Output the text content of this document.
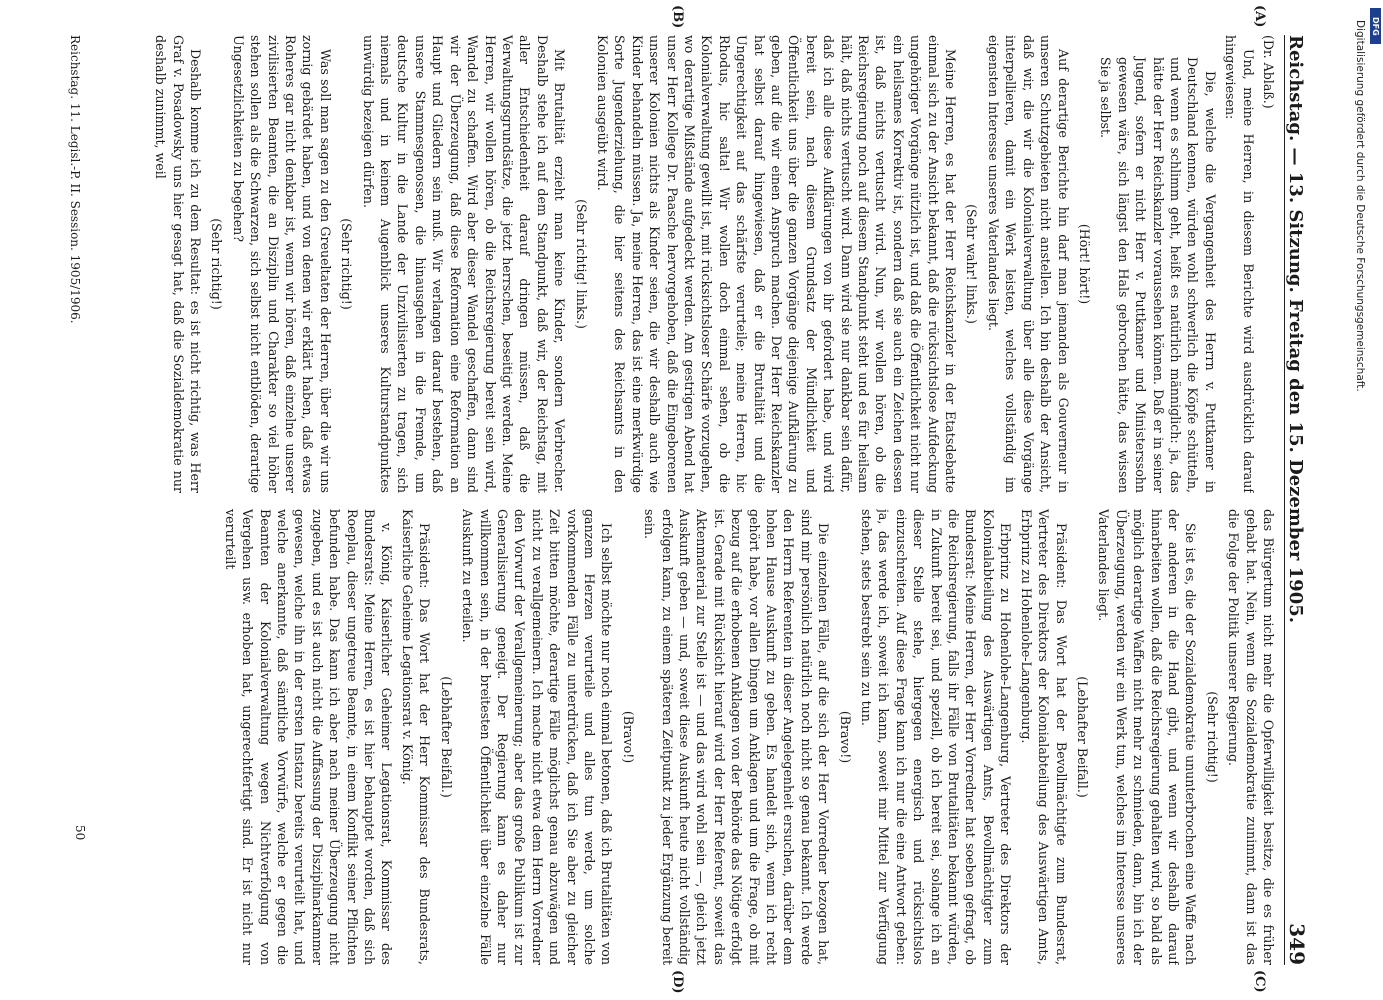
Reichstag. — 13. Sitzung. Freitag den 15. Dezember 1905.
349
(A)
(B)
(C)
(D)

(Dr. Ablaß.)

Und, meine Herren, in diesem Berichte wird ausdrücklich darauf hingewiesen:

Die, welche die Vergangenheit des Herrn v. Puttkamer in Deutschland kennen, würden wohl schwerlich die Köpfe schütteln, und wenn es schlimm geht, heißt es natürlich männiglich: ja, das hätte der Herr Reichskanzler voraussehen können. Daß er in seiner Jugend, sofern er nicht Herr v. Puttkamer und Ministerssohn gewesen wäre, sich längst den Hals gebrochen hätte, das wissen Sie ja selbst.

(Hört! hört!)

Auf derartige Berichte hin darf man jemanden als Gouverneur in unseren Schutzgebieten nicht anstellen. Ich bin deshalb der Ansicht, daß wir, die wir die Kolonialverwaltung über alle diese Vorgänge interpellieren, damit ein Werk leisten, welches vollständig im eigensten Interesse unseres Vaterlandes liegt.

(Sehr wahr! links.)

Meine Herren, es hat der Herr Reichskanzler in der Etatsdebatte einmal sich zu der Ansicht bekannt, daß die rücksichtslose Aufdeckung ungehöriger Vorgänge nützlich ist, und daß die Öffentlichkeit nicht nur ein heilsames Korrektiv ist, sondern daß sie auch ein Zeichen dessen ist, daß nichts vertuscht wird. Nun, wir wollen hören, ob die Reichsregierung noch auf diesem Standpunkt steht und es für heilsam hält, daß nichts vertuscht wird. Dann wird sie nur dankbar sein dafür, daß ich alle diese Aufklärungen von ihr gefordert habe, und wird bereit sein, nach diesem Grundsatz der Mündlichkeit und Öffentlichkeit uns über die ganzen Vorgänge diejenige Aufklärung zu geben, auf die wir einen Anspruch machen. Der Herr Reichskanzler hat selbst darauf hingewiesen, daß er die Brutalität und die Ungerechtigkeit auf das schärfste verurteile; meine Herren, hic Rhodus, hic salta! Wir wollen doch einmal sehen, ob die Kolonialverwaltung gewillt ist, mit rücksichtsloser Schärfe vorzugehen, wo derartige Mißstände aufgedeckt werden. Am gestrigen Abend hat unser Herr Kollege Dr. Paasche hervorgehoben, daß die Eingeborenen unserer Kolonien nichts als Kinder seien, die wir deshalb auch wie Kinder behandeln müssen. Ja, meine Herren, das ist eine merkwürdige Sorte Jugenderziehung, die hier seitens des Reichsamts in den Kolonien ausgeübt wird.

(Sehr richtig! links.)

Mit Brutalität erzieht man keine Kinder, sondern Verbrecher. Deshalb stehe ich auf dem Standpunkt, daß wir, der Reichstag, mit aller Entschiedenheit darauf dringen müssen, daß die Verwaltungsgrundsätze, die jetzt herrschen, beseitigt werden. Meine Herren, wir wollen hören, ob die Reichsregierung bereit sein wird, Wandel zu schaffen. Wird aber dieser Wandel geschaffen, dann sind wir der Überzeugung, daß diese Reformation eine Reformation an Haupt und Gliedern sein muß. Wir verlangen darauf bestehen, daß unsere Stammesgenossen, die hinausgehen in die Fremde, um deutsche Kultur in die Lande der Unzivilisierten zu tragen, sich niemals und in keinem Augenblick unseres Kulturstandpunktes unwürdig bezeigen dürfen.

(Sehr richtig!)

Was soll man sagen zu den Greueltaten der Herren, über die wir uns zornig gebärdet haben, und von denen wir erklärt haben, daß etwas Roheres gar nicht denkbar ist, wenn wir hören, daß einzelne unserer zivilisierten Beamten, die an Disziplin und Charakter so viel höher stehen sollen als die Schwarzen, sich selbst nicht entblöden, derartige Ungesetzlichkeiten zu begehen?

(Sehr richtig!)

Deshalb komme ich zu dem Resultat: es ist nicht richtig, was Herr Graf v. Posadowsky uns hier gesagt hat, daß die Sozialdemokratie nur deshalb zunimmt, weil

das Bürgertum nicht mehr die Opferwilligkeit besitze, die es früher gehabt hat. Nein, wenn die Sozialdemokratie zunimmt, dann ist das die Folge der Politik unserer Regierung.

(Sehr richtig!)

Sie ist es, die der Sozialdemokratie ununterbrochen eine Waffe nach der anderen in die Hand gibt, und wenn wir deshalb darauf hinarbeiten wollen, daß die Reichsregierung gehalten wird, so bald als möglich derartige Waffen nicht mehr zu schmieden, dann, bin ich der Überzeugung, werden wir ein Werk tun, welches im Interesse unseres Vaterlandes liegt.

(Lebhafter Beifall.)

Präsident: Das Wort hat der Bevollmächtigte zum Bundesrat, Vertreter des Direktors der Kolonialabteilung des Auswärtigen Amts, Erbprinz zu Hohenlohe-Langenburg.

Erbprinz zu Hohenlohe-Langenburg, Vertreter des Direktors der Kolonialabteilung des Auswärtigen Amts, Bevollmächtigter zum Bundesrat: Meine Herren, der Herr Vorredner hat soeben gefragt, ob die Reichsregierung, falls ihr Fälle von Brutalitäten bekannt würden, in Zukunft bereit sei, und speziell, ob ich bereit sei, solange ich an dieser Stelle stehe, hiergegen energisch und rücksichtslos einzuschreiten. Auf diese Frage kann ich nur die eine Antwort geben: ja, das werde ich, soweit ich kann, soweit mir Mittel zur Verfügung stehen, stets bestrebt sein zu tun.

(Bravo!)

Die einzelnen Fälle, auf die sich der Herr Vorredner bezogen hat, sind mir persönlich natürlich noch nicht so genau bekannt. Ich werde den Herrn Referenten in dieser Angelegenheit ersuchen, darüber dem hohen Hause Auskunft zu geben. Es handelt sich, wenn ich recht gehört habe, vor allen Dingen um Anklagen und um die Frage, ob mit bezug auf die erhobenen Anklagen von der Behörde das Nötige erfolgt ist. Gerade mit Rücksicht hierauf wird der Herr Referent, soweit das Aktenmaterial zur Stelle ist — und das wird wohl sein —, gleich jetzt Auskunft geben — und, soweit diese Auskunft heute nicht vollständig erfolgen kann, zu einem späteren Zeitpunkt zu jeder Ergänzung bereit sein.

(Bravo!)

Ich selbst möchte nur noch einmal betonen, daß ich Brutalitäten von ganzem Herzen verurteile und alles tun werde, um solche vorkommenden Fälle zu unterdrücken, daß ich Sie aber zu gleicher Zeit bitten möchte, derartige Fälle möglichst genau abzuwägen und nicht zu verallgemeinern. Ich mache nicht etwa dem Herrn Vorredner den Vorwurf der Verallgemeinerung; aber das große Publikum ist zur Generalisierung geneigt. Der Regierung kann es daher nur willkommen sein, in der breitesten Öffentlichkeit über einzelne Fälle Auskunft zu erteilen.

(Lebhafter Beifall.)

Präsident: Das Wort hat der Herr Kommissar des Bundesrats, Kaiserliche Geheime Legationsrat v. König.

v. König, Kaiserlicher Geheimer Legationsrat, Kommissar des Bundesrats: Meine Herren, es ist hier behauptet worden, daß sich Roeplau, dieser ungetreue Beamte, in einem Konflikt seiner Pflichten befunden habe. Das kann ich aber nach meiner Überzeugung nicht zugeben, und es ist auch nicht die Auffassung der Disziplinarkammer gewesen, welche ihn in der ersten Instanz bereits verurteilt hat, und welche anerkannte, daß sämtliche Vorwürfe, welche er gegen die Beamten der Kolonialverwaltung wegen Nichtverfolgung von Vergehen usw. erhoben hat, ungerechtfertigt sind. Er ist nicht nur verurteilt

Reichstag. 11. Legisl.-P. II. Session. 1905/1906.
50
Digitalisierung gefördert durch die Deutsche Forschungsgemeinschaft. DFG
